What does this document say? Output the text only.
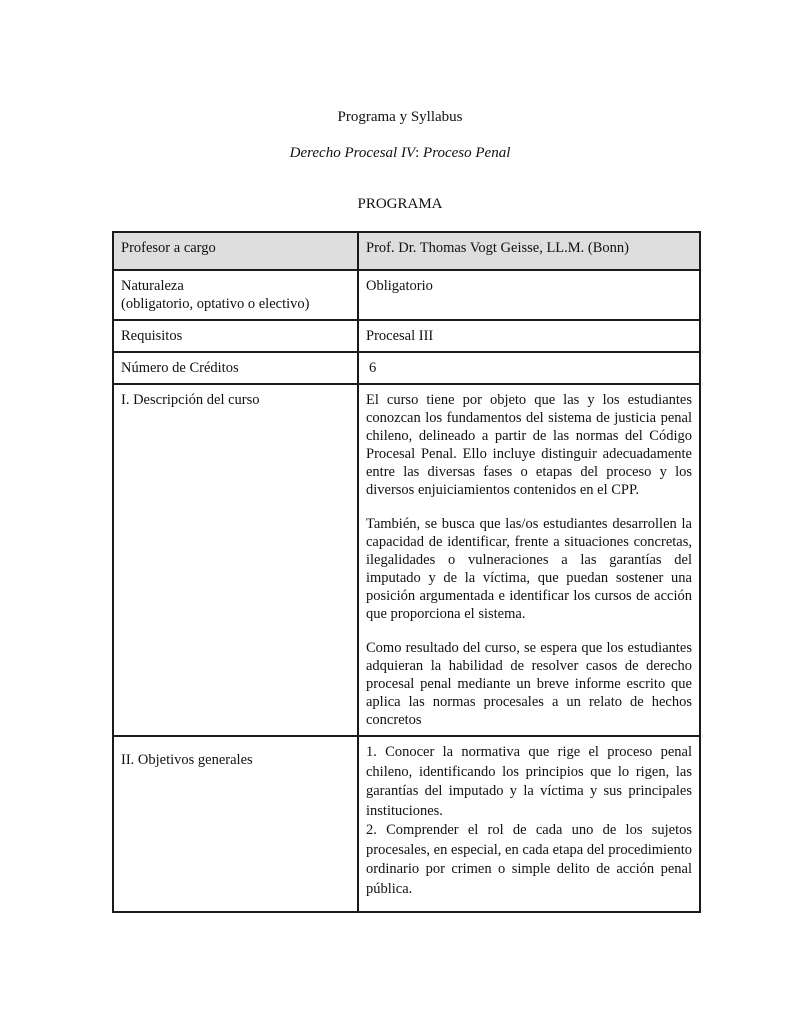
Programa y Syllabus
Derecho Procesal IV: Proceso Penal
PROGRAMA
Profesor a cargo	Prof. Dr. Thomas Vogt Geisse, LL.M. (Bonn)

Naturaleza
(obligatorio, optativo o electivo)	Obligatorio
Requisitos	Procesal III
Número de Créditos	6
I. Descripción del curso	El curso tiene por objeto que las y los estudiantes conozcan los fundamentos del sistema de justicia penal chileno, delineado a partir de las normas del Código Procesal Penal. Ello incluye distinguir adecuadamente entre las diversas fases o etapas del proceso y los diversos enjuiciamientos contenidos en el CPP.

También, se busca que las/os estudiantes desarrollen la capacidad de identificar, frente a situaciones concretas, ilegalidades o vulneraciones a las garantías del imputado y de la víctima, que puedan sostener una posición argumentada e identificar los cursos de acción que proporciona el sistema.

Como resultado del curso, se espera que los estudiantes adquieran la habilidad de resolver casos de derecho procesal penal mediante un breve informe escrito que aplica las normas procesales a un relato de hechos concretos

II. Objetivos generales	1. Conocer la normativa que rige el proceso penal chileno, identificando los principios que lo rigen, las garantías del imputado y la víctima y sus principales instituciones.

2. Comprender el rol de cada uno de los sujetos procesales, en especial, en cada etapa del procedimiento ordinario por crimen o simple delito de acción penal pública.
